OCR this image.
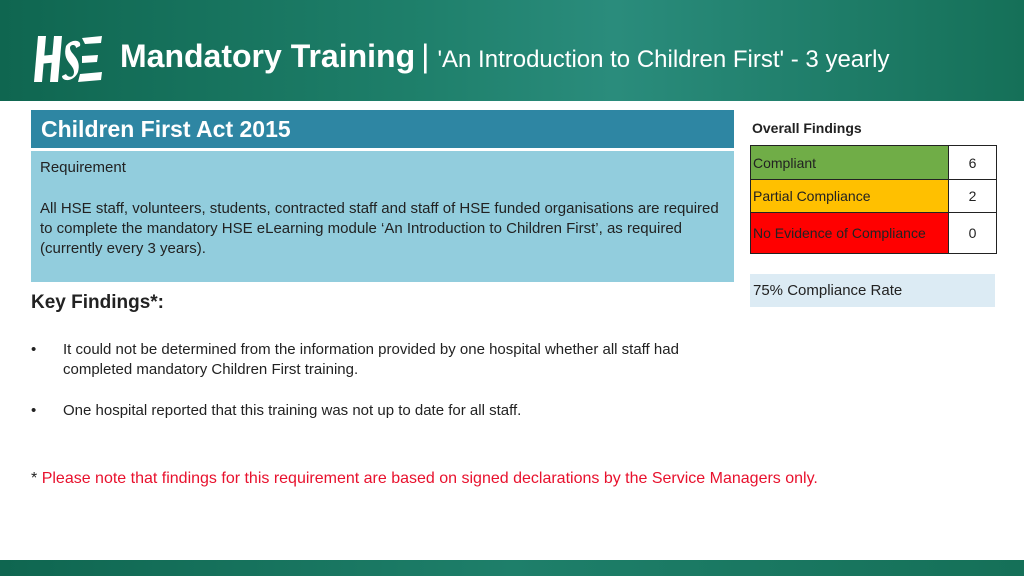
Mandatory Training | 'An Introduction to Children First' - 3 yearly
Children First Act 2015
Requirement
All HSE staff, volunteers, students, contracted staff and staff of HSE funded organisations are required to complete the mandatory HSE eLearning module ‘An Introduction to Children First’, as required (currently every 3 years).
Key Findings*:
• It could not be determined from the information provided by one hospital whether all staff had completed mandatory Children First training.
• One hospital reported that this training was not up to date for all staff.
* Please note that findings for this requirement are based on signed declarations by the Service Managers only.
Overall Findings
Compliant	6
Partial Compliance	2
No Evidence of Compliance	0
75% Compliance Rate
